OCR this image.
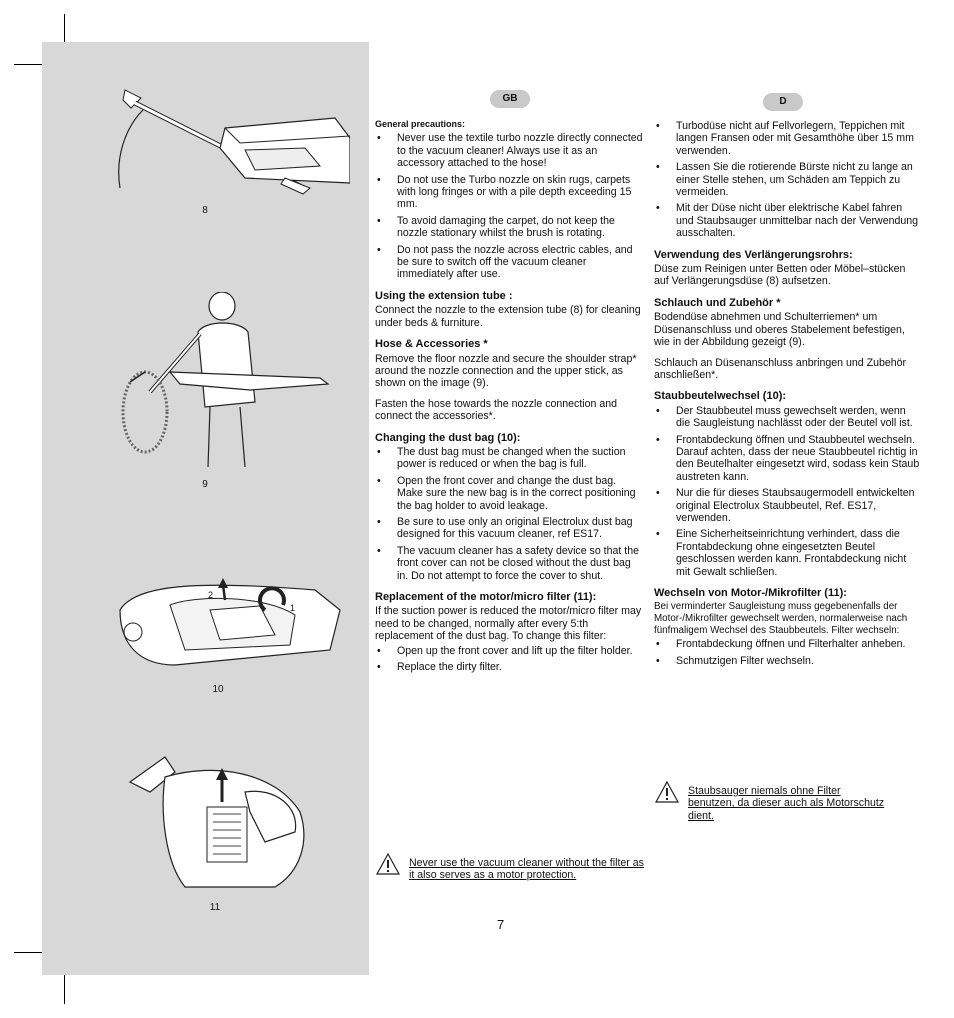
8
9
2
1
10
11
GB	D
General precautions:
• Never use the textile turbo nozzle directly connected to the vacuum cleaner! Always use it as an accessory attached to the hose!
• Do not use the Turbo nozzle on skin rugs, carpets with long fringes or with a pile depth exceeding 15 mm.
• To avoid damaging the carpet, do not keep the nozzle stationary whilst the brush is rotating.
• Do not pass the nozzle across electric cables, and be sure to switch off the vacuum cleaner immediately after use.
Using the extension tube :

Connect the nozzle to the extension tube (8) for cleaning under beds & furniture.

Hose & Accessories *

Remove the floor nozzle and secure the shoulder strap* around the nozzle connection and the upper stick, as shown on the image (9).

Fasten the hose towards the nozzle connection and connect the accessories*.

Changing the dust bag (10):
• The dust bag must be changed when the suction power is reduced or when the bag is full.
• Open the front cover and change the dust bag. Make sure the new bag is in the correct positioning the bag holder to avoid leakage.
• Be sure to use only an original Electrolux dust bag designed for this vacuum cleaner, ref ES17.
• The vacuum cleaner has a safety device so that the front cover can not be closed without the dust bag in. Do not attempt to force the cover to shut.
Replacement of the motor/micro filter (11):

If the suction power is reduced the motor/micro filter may need to be changed, normally after every 5:th replacement of the dust bag. To change this filter:

• Open up the front cover and lift up the filter holder.
• Replace the dirty filter.
Never use the vacuum cleaner without the filter as it also serves as a motor protection.
• Turbodüse nicht auf Fellvorlegern, Teppichen mit langen Fransen oder mit Gesamthöhe über 15 mm verwenden.
• Lassen Sie die rotierende Bürste nicht zu lange an einer Stelle stehen, um Schäden am Teppich zu vermeiden.
• Mit der Düse nicht über elektrische Kabel fahren und Staubsauger unmittelbar nach der Verwendung ausschalten.
Verwendung des Verlängerungsrohrs:

Düse zum Reinigen unter Betten oder Möbel–stücken auf Verlängerungsdüse (8) aufsetzen.

Schlauch und Zubehör *

Bodendüse abnehmen und Schulterriemen* um Düsenanschluss und oberes Stabelement befestigen, wie in der Abbildung gezeigt (9).

Schlauch an Düsenanschluss anbringen und Zubehör anschließen*.

Staubbeutelwechsel (10):
• Der Staubbeutel muss gewechselt werden, wenn die Saugleistung nachlässt oder der Beutel voll ist.
• Frontabdeckung öffnen und Staubbeutel wechseln. Darauf achten, dass der neue Staubbeutel richtig in den Beutelhalter eingesetzt wird, sodass kein Staub austreten kann.
• Nur die für dieses Staubsaugermodell entwickelten original Electrolux Staubbeutel, Ref. ES17, verwenden.
• Eine Sicherheitseinrichtung verhindert, dass die Frontabdeckung ohne eingesetzten Beutel geschlossen werden kann. Frontabdeckung nicht mit Gewalt schließen.
Wechseln von Motor-/Mikrofilter (11):

Bei verminderter Saugleistung muss gegebenenfalls der Motor-/Mikrofilter gewechselt werden, normalerweise nach fünfmaligem Wechsel des Staubbeutels. Filter wechseln:

• Frontabdeckung öffnen und Filterhalter anheben.
• Schmutzigen Filter wechseln.
Staubsauger niemals ohne Filter benutzen, da dieser auch als Motorschutz dient.
7
